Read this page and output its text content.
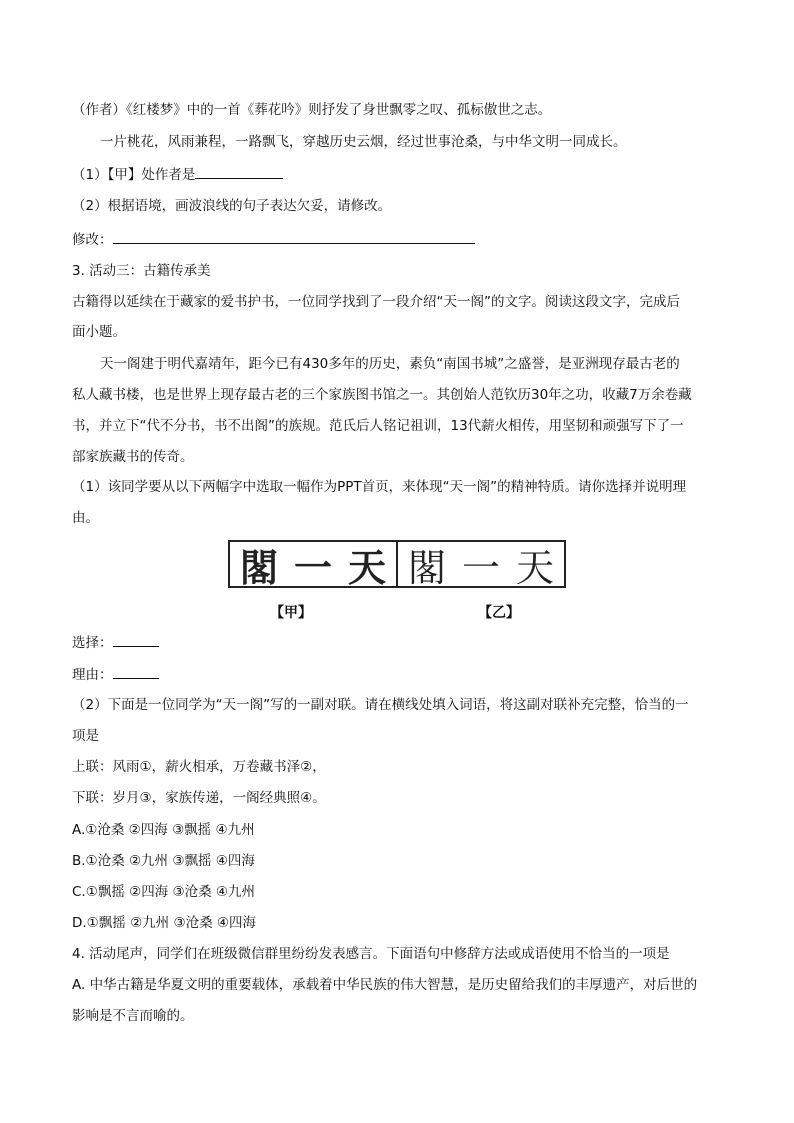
（作者）《红楼梦》中的一首《葬花吟》则抒发了身世飘零之叹、孤标傲世之志。
一片桃花，风雨兼程，一路飘飞，穿越历史云烟，经过世事沧桑，与中华文明一同成长。
（1）【甲】处作者是
（2）根据语境，画波浪线的句子表达欠妥，请修改。
修改：
3. 活动三：古籍传承美
古籍得以延续在于藏家的爱书护书，一位同学找到了一段介绍“天一阁”的文字。阅读这段文字，完成后
面小题。
天一阁建于明代嘉靖年，距今已有430多年的历史，素负“南国书城”之盛誉，是亚洲现存最古老的
私人藏书楼，也是世界上现存最古老的三个家族图书馆之一。其创始人范钦历30年之功，收藏7万余卷藏
书，并立下“代不分书，书不出阁”的族规。范氏后人铭记祖训，13代薪火相传，用坚韧和顽强写下了一
部家族藏书的传奇。
（1）该同学要从以下两幅字中选取一幅作为PPT首页，来体现“天一阁”的精神特质。请你选择并说明理
由。
閣 一 天 閣 一 天
【甲】	【乙】
选择：
理由：
（2）下面是一位同学为“天一阁”写的一副对联。请在横线处填入词语，将这副对联补充完整，恰当的一
项是
上联：风雨①，薪火相承，万卷藏书泽②，
下联：岁月③，家族传递，一阁经典照④。
A.①沧桑 ②四海 ③飘摇 ④九州
B.①沧桑 ②九州 ③飘摇 ④四海
C.①飘摇 ②四海 ③沧桑 ④九州
D.①飘摇 ②九州 ③沧桑 ④四海
4. 活动尾声，同学们在班级微信群里纷纷发表感言。下面语句中修辞方法或成语使用不恰当的一项是
A. 中华古籍是华夏文明的重要载体，承载着中华民族的伟大智慧，是历史留给我们的丰厚遗产，对后世的
影响是不言而喻的。
